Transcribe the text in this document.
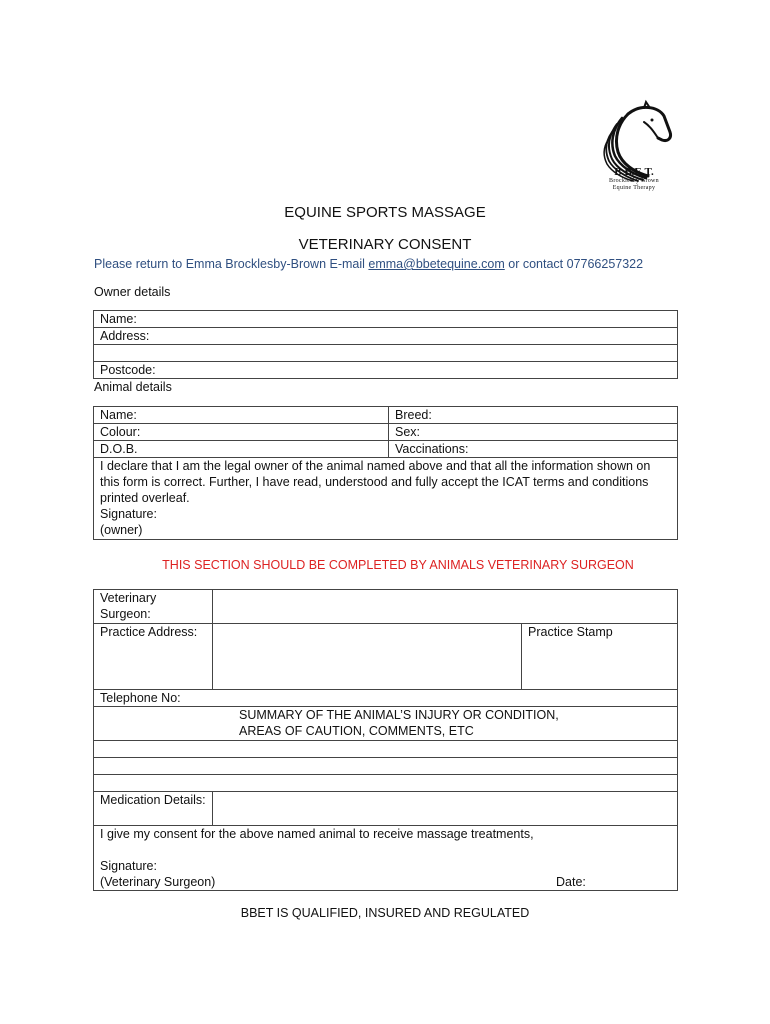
B.B.E.T.
Brocklesby Brown
Equine Therapy
EQUINE SPORTS MASSAGE
VETERINARY CONSENT
Please return to Emma Brocklesby-Brown E-mail emma@bbetequine.com or contact 07766257322
Owner details
Name:
Address:

Postcode:
Animal details
Name:	Breed:
Colour:	Sex:
D.O.B.	Vaccinations:

I declare that I am the legal owner of the animal named above and that all the information shown on this form is correct. Further, I have read, understood and fully accept the ICAT terms and conditions printed overleaf.
Signature:
(owner)	
THIS SECTION SHOULD BE COMPLETED BY ANIMALS VETERINARY SURGEON
Veterinary Surgeon:		
Practice Address:		Practice Stamp
Telephone No:		

SUMMARY OF THE ANIMAL’S INJURY OR CONDITION,
AREAS OF CAUTION, COMMENTS, ETC		

Medication Details:		

I give my consent for the above named animal to receive massage treatments,
Signature:
(Veterinary Surgeon) Date:		
BBET IS QUALIFIED, INSURED AND REGULATED
